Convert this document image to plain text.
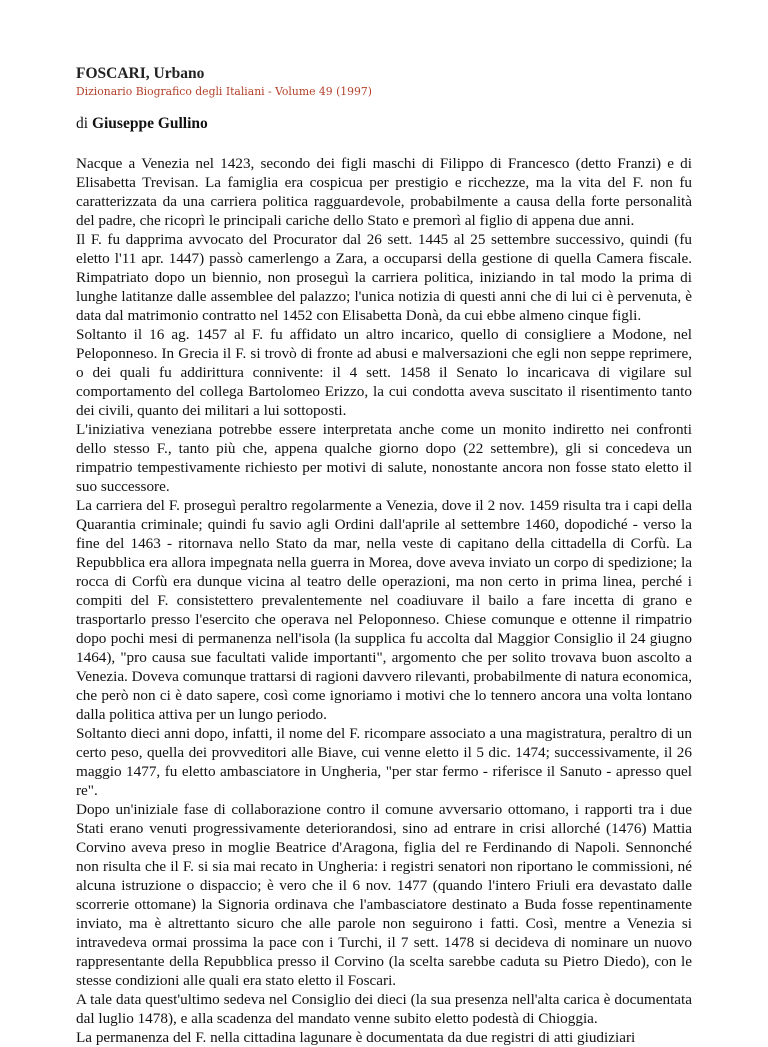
FOSCARI, Urbano
Dizionario Biografico degli Italiani - Volume 49 (1997)
di Giuseppe Gullino

Nacque a Venezia nel 1423, secondo dei figli maschi di Filippo di Francesco (detto Franzi) e di Elisabetta Trevisan. La famiglia era cospicua per prestigio e ricchezze, ma la vita del F. non fu caratterizzata da una carriera politica ragguardevole, probabilmente a causa della forte personalità del padre, che ricoprì le principali cariche dello Stato e premorì al figlio di appena due anni.

Il F. fu dapprima avvocato del Procurator dal 26 sett. 1445 al 25 settembre successivo, quindi (fu eletto l'11 apr. 1447) passò camerlengo a Zara, a occuparsi della gestione di quella Camera fiscale. Rimpatriato dopo un biennio, non proseguì la carriera politica, iniziando in tal modo la prima di lunghe latitanze dalle assemblee del palazzo; l'unica notizia di questi anni che di lui ci è pervenuta, è data dal matrimonio contratto nel 1452 con Elisabetta Donà, da cui ebbe almeno cinque figli.

Soltanto il 16 ag. 1457 al F. fu affidato un altro incarico, quello di consigliere a Modone, nel Peloponneso. In Grecia il F. si trovò di fronte ad abusi e malversazioni che egli non seppe reprimere, o dei quali fu addirittura connivente: il 4 sett. 1458 il Senato lo incaricava di vigilare sul comportamento del collega Bartolomeo Erizzo, la cui condotta aveva suscitato il risentimento tanto dei civili, quanto dei militari a lui sottoposti.

L'iniziativa veneziana potrebbe essere interpretata anche come un monito indiretto nei confronti dello stesso F., tanto più che, appena qualche giorno dopo (22 settembre), gli si concedeva un rimpatrio tempestivamente richiesto per motivi di salute, nonostante ancora non fosse stato eletto il suo successore.

La carriera del F. proseguì peraltro regolarmente a Venezia, dove il 2 nov. 1459 risulta tra i capi della Quarantia criminale; quindi fu savio agli Ordini dall'aprile al settembre 1460, dopodiché - verso la fine del 1463 - ritornava nello Stato da mar, nella veste di capitano della cittadella di Corfù. La Repubblica era allora impegnata nella guerra in Morea, dove aveva inviato un corpo di spedizione; la rocca di Corfù era dunque vicina al teatro delle operazioni, ma non certo in prima linea, perché i compiti del F. consistettero prevalentemente nel coadiuvare il bailo a fare incetta di grano e trasportarlo presso l'esercito che operava nel Peloponneso. Chiese comunque e ottenne il rimpatrio dopo pochi mesi di permanenza nell'isola (la supplica fu accolta dal Maggior Consiglio il 24 giugno 1464), "pro causa sue facultati valide importanti", argomento che per solito trovava buon ascolto a Venezia. Doveva comunque trattarsi di ragioni davvero rilevanti, probabilmente di natura economica, che però non ci è dato sapere, così come ignoriamo i motivi che lo tennero ancora una volta lontano dalla politica attiva per un lungo periodo.

Soltanto dieci anni dopo, infatti, il nome del F. ricompare associato a una magistratura, peraltro di un certo peso, quella dei provveditori alle Biave, cui venne eletto il 5 dic. 1474; successivamente, il 26 maggio 1477, fu eletto ambasciatore in Ungheria, "per star fermo - riferisce il Sanuto - apresso quel re".

Dopo un'iniziale fase di collaborazione contro il comune avversario ottomano, i rapporti tra i due Stati erano venuti progressivamente deteriorandosi, sino ad entrare in crisi allorché (1476) Mattia Corvino aveva preso in moglie Beatrice d'Aragona, figlia del re Ferdinando di Napoli. Sennonché non risulta che il F. si sia mai recato in Ungheria: i registri senatori non riportano le commissioni, né alcuna istruzione o dispaccio; è vero che il 6 nov. 1477 (quando l'intero Friuli era devastato dalle scorrerie ottomane) la Signoria ordinava che l'ambasciatore destinato a Buda fosse repentinamente inviato, ma è altrettanto sicuro che alle parole non seguirono i fatti. Così, mentre a Venezia si intravedeva ormai prossima la pace con i Turchi, il 7 sett. 1478 si decideva di nominare un nuovo rappresentante della Repubblica presso il Corvino (la scelta sarebbe caduta su Pietro Diedo), con le stesse condizioni alle quali era stato eletto il Foscari.

A tale data quest'ultimo sedeva nel Consiglio dei dieci (la sua presenza nell'alta carica è documentata dal luglio 1478), e alla scadenza del mandato venne subito eletto podestà di Chioggia.

La permanenza del F. nella cittadina lagunare è documentata da due registri di atti giudiziari
